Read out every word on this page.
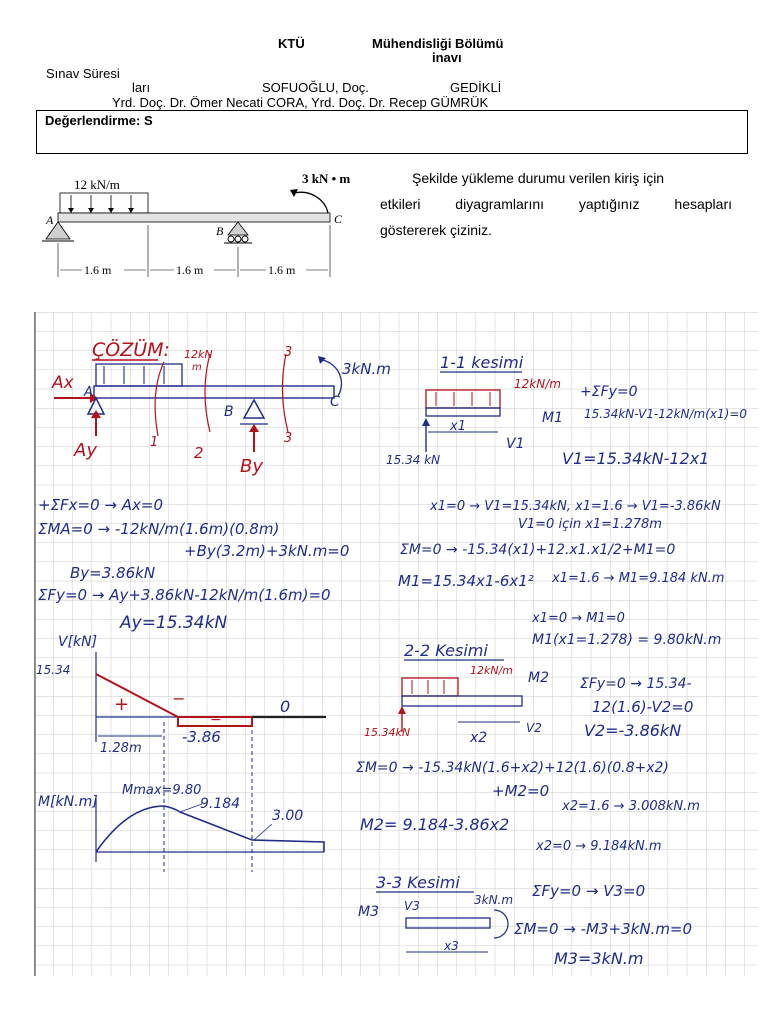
KTÜ	Mühendisliği Bölümü
inavı
Sınav Süresi
ları	SOFUOĞLU, Doç.	GEDİKLİ
Yrd. Doç. Dr. Ömer Necati CORA, Yrd. Doç. Dr. Recep GÜMRÜK
Değerlendirme: S
Şekilde yükleme durumu verilen kiriş için
etkileri diyagramlarını yaptığınız hesapları
göstererek çiziniz.
12 kN/m	3 kN • m
A
B
C
1.6 m	1.6 m	1.6 m
ÇÖZÜM: 12kN
m
C
3kN.m
Ax A
Ay
B
By
1
2
3
3
+ΣFx=0 → Ax=0
ΣMA=0 → -12kN/m(1.6m)(0.8m)
+By(3.2m)+3kN.m=0
By=3.86kN
ΣFy=0 → Ay+3.86kN-12kN/m(1.6m)=0
Ay=15.34kN
V[kN]
15.34
+	−
−
0
-3.86
1.28m
M[kN.m]
Mmax=9.80
9.184
3.00
1-1 kesimi
12kN/m
15.34 kN
x1
V1
M1
+ΣFy=0
15.34kN-V1-12kN/m(x1)=0
V1=15.34kN-12x1
x1=0 → V1=15.34kN, x1=1.6 → V1=-3.86kN
V1=0 için x1=1.278m
ΣM=0 → -15.34(x1)+12.x1.x1/2+M1=0
M1=15.34x1-6x1² x1=1.6 → M1=9.184 kN.m
x1=0 → M1=0
M1(x1=1.278) = 9.80kN.m
2-2 Kesimi
12kN/m
15.34kN	x2
M2
V2
ΣFy=0 → 15.34-
12(1.6)-V2=0
V2=-3.86kN
ΣM=0 → -15.34kN(1.6+x2)+12(1.6)(0.8+x2)
+M2=0
M2= 9.184-3.86x2
x2=1.6 → 3.008kN.m
x2=0 → 9.184kN.m
3-3 Kesimi
3kN.m
V3
M3
x3
ΣFy=0 → V3=0
ΣM=0 → -M3+3kN.m=0
M3=3kN.m
